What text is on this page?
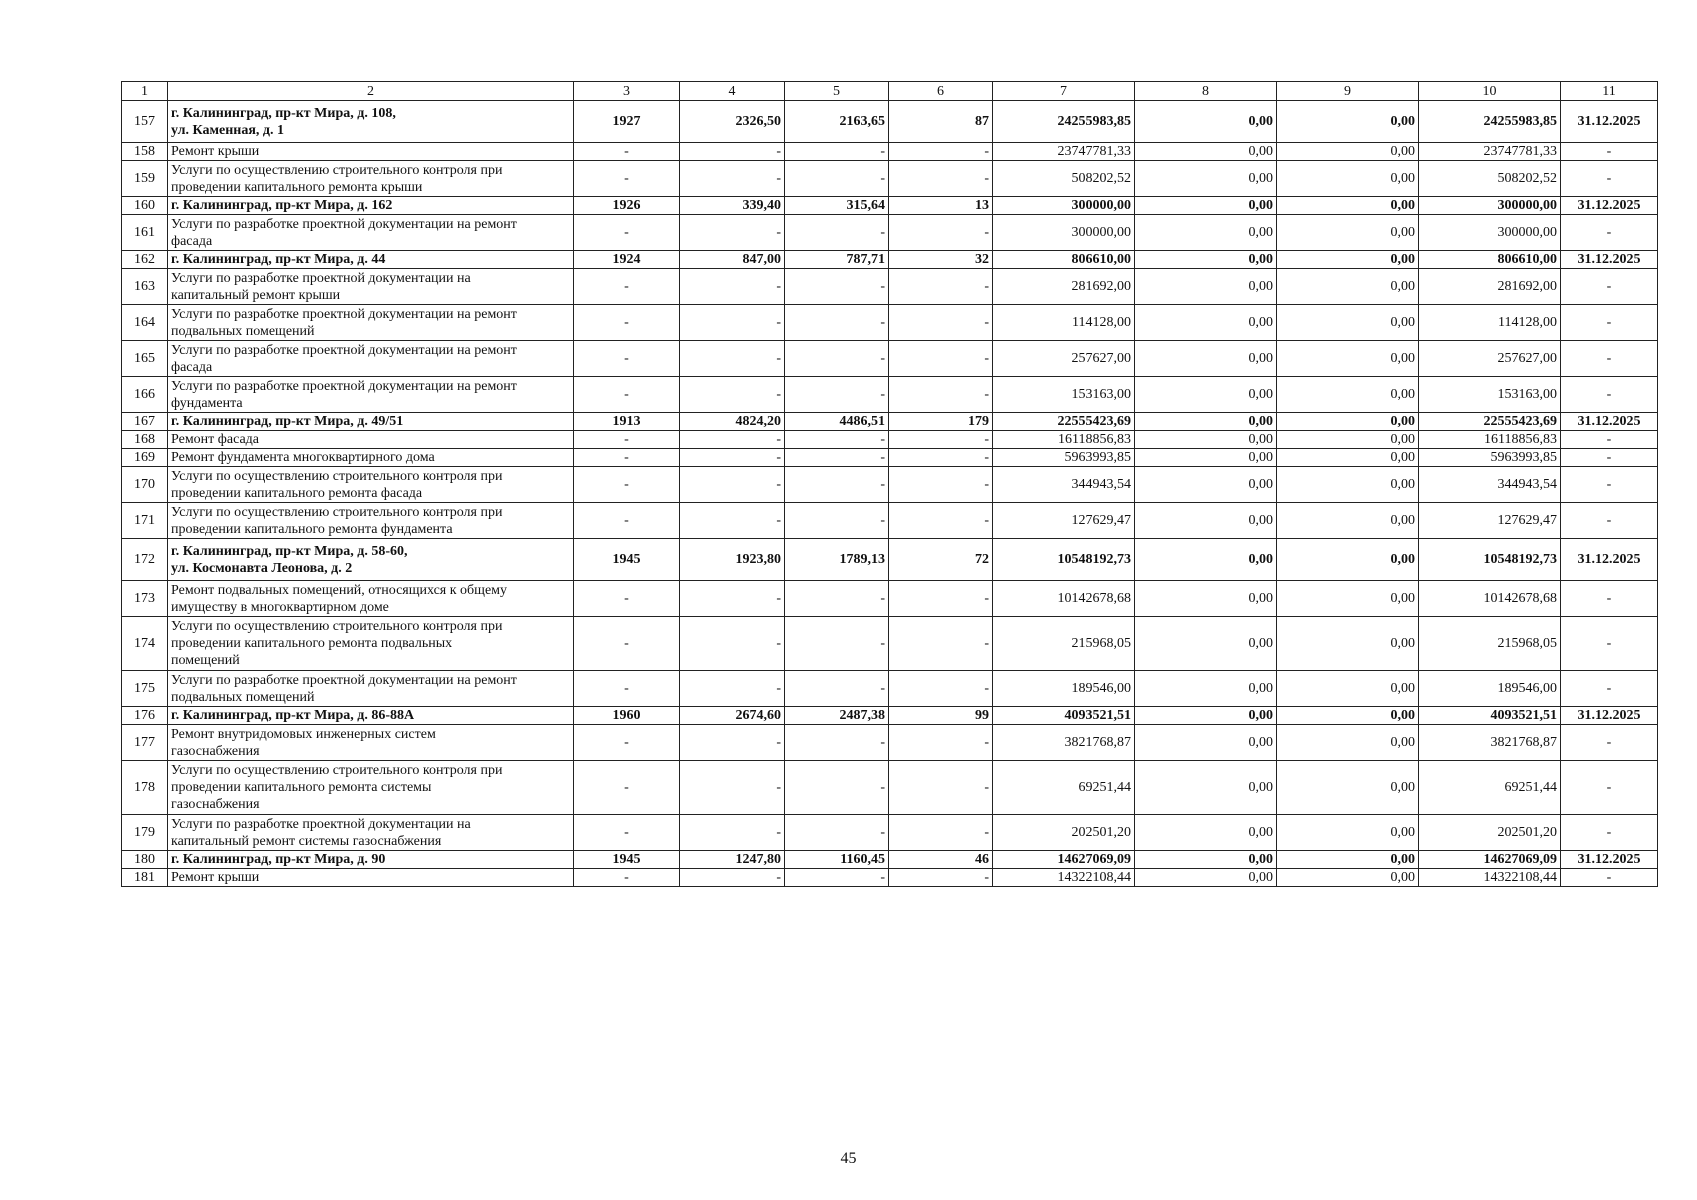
1	2	3	4	5	6	7	8	9	10	11
157	г. Калининград, пр-кт Мира, д. 108,
ул. Каменная, д. 1	1927	2326,50	2163,65	87	24255983,85	0,00	0,00	24255983,85	31.12.2025
158	Ремонт крыши	-	-	-	-	23747781,33	0,00	0,00	23747781,33	-
159	Услуги по осуществлению строительного контроля при
проведении капитального ремонта крыши	-	-	-	-	508202,52	0,00	0,00	508202,52	-
160	г. Калининград, пр-кт Мира, д. 162	1926	339,40	315,64	13	300000,00	0,00	0,00	300000,00	31.12.2025
161	Услуги по разработке проектной документации на ремонт
фасада	-	-	-	-	300000,00	0,00	0,00	300000,00	-
162	г. Калининград, пр-кт Мира, д. 44	1924	847,00	787,71	32	806610,00	0,00	0,00	806610,00	31.12.2025
163	Услуги по разработке проектной документации на
капитальный ремонт крыши	-	-	-	-	281692,00	0,00	0,00	281692,00	-
164	Услуги по разработке проектной документации на ремонт
подвальных помещений	-	-	-	-	114128,00	0,00	0,00	114128,00	-
165	Услуги по разработке проектной документации на ремонт
фасада	-	-	-	-	257627,00	0,00	0,00	257627,00	-
166	Услуги по разработке проектной документации на ремонт
фундамента	-	-	-	-	153163,00	0,00	0,00	153163,00	-
167	г. Калининград, пр-кт Мира, д. 49/51	1913	4824,20	4486,51	179	22555423,69	0,00	0,00	22555423,69	31.12.2025
168	Ремонт фасада	-	-	-	-	16118856,83	0,00	0,00	16118856,83	-
169	Ремонт фундамента многоквартирного дома	-	-	-	-	5963993,85	0,00	0,00	5963993,85	-
170	Услуги по осуществлению строительного контроля при
проведении капитального ремонта фасада	-	-	-	-	344943,54	0,00	0,00	344943,54	-
171	Услуги по осуществлению строительного контроля при
проведении капитального ремонта фундамента	-	-	-	-	127629,47	0,00	0,00	127629,47	-
172	г. Калининград, пр-кт Мира, д. 58-60,
ул. Космонавта Леонова, д. 2	1945	1923,80	1789,13	72	10548192,73	0,00	0,00	10548192,73	31.12.2025
173	Ремонт подвальных помещений, относящихся к общему
имуществу в многоквартирном доме	-	-	-	-	10142678,68	0,00	0,00	10142678,68	-
174	Услуги по осуществлению строительного контроля при
проведении капитального ремонта подвальных
помещений	-	-	-	-	215968,05	0,00	0,00	215968,05	-
175	Услуги по разработке проектной документации на ремонт
подвальных помещений	-	-	-	-	189546,00	0,00	0,00	189546,00	-
176	г. Калининград, пр-кт Мира, д. 86-88А	1960	2674,60	2487,38	99	4093521,51	0,00	0,00	4093521,51	31.12.2025
177	Ремонт внутридомовых инженерных систем
газоснабжения	-	-	-	-	3821768,87	0,00	0,00	3821768,87	-
178	Услуги по осуществлению строительного контроля при
проведении капитального ремонта системы
газоснабжения	-	-	-	-	69251,44	0,00	0,00	69251,44	-
179	Услуги по разработке проектной документации на
капитальный ремонт системы газоснабжения	-	-	-	-	202501,20	0,00	0,00	202501,20	-
180	г. Калининград, пр-кт Мира, д. 90	1945	1247,80	1160,45	46	14627069,09	0,00	0,00	14627069,09	31.12.2025
181	Ремонт крыши	-	-	-	-	14322108,44	0,00	0,00	14322108,44	-
45
